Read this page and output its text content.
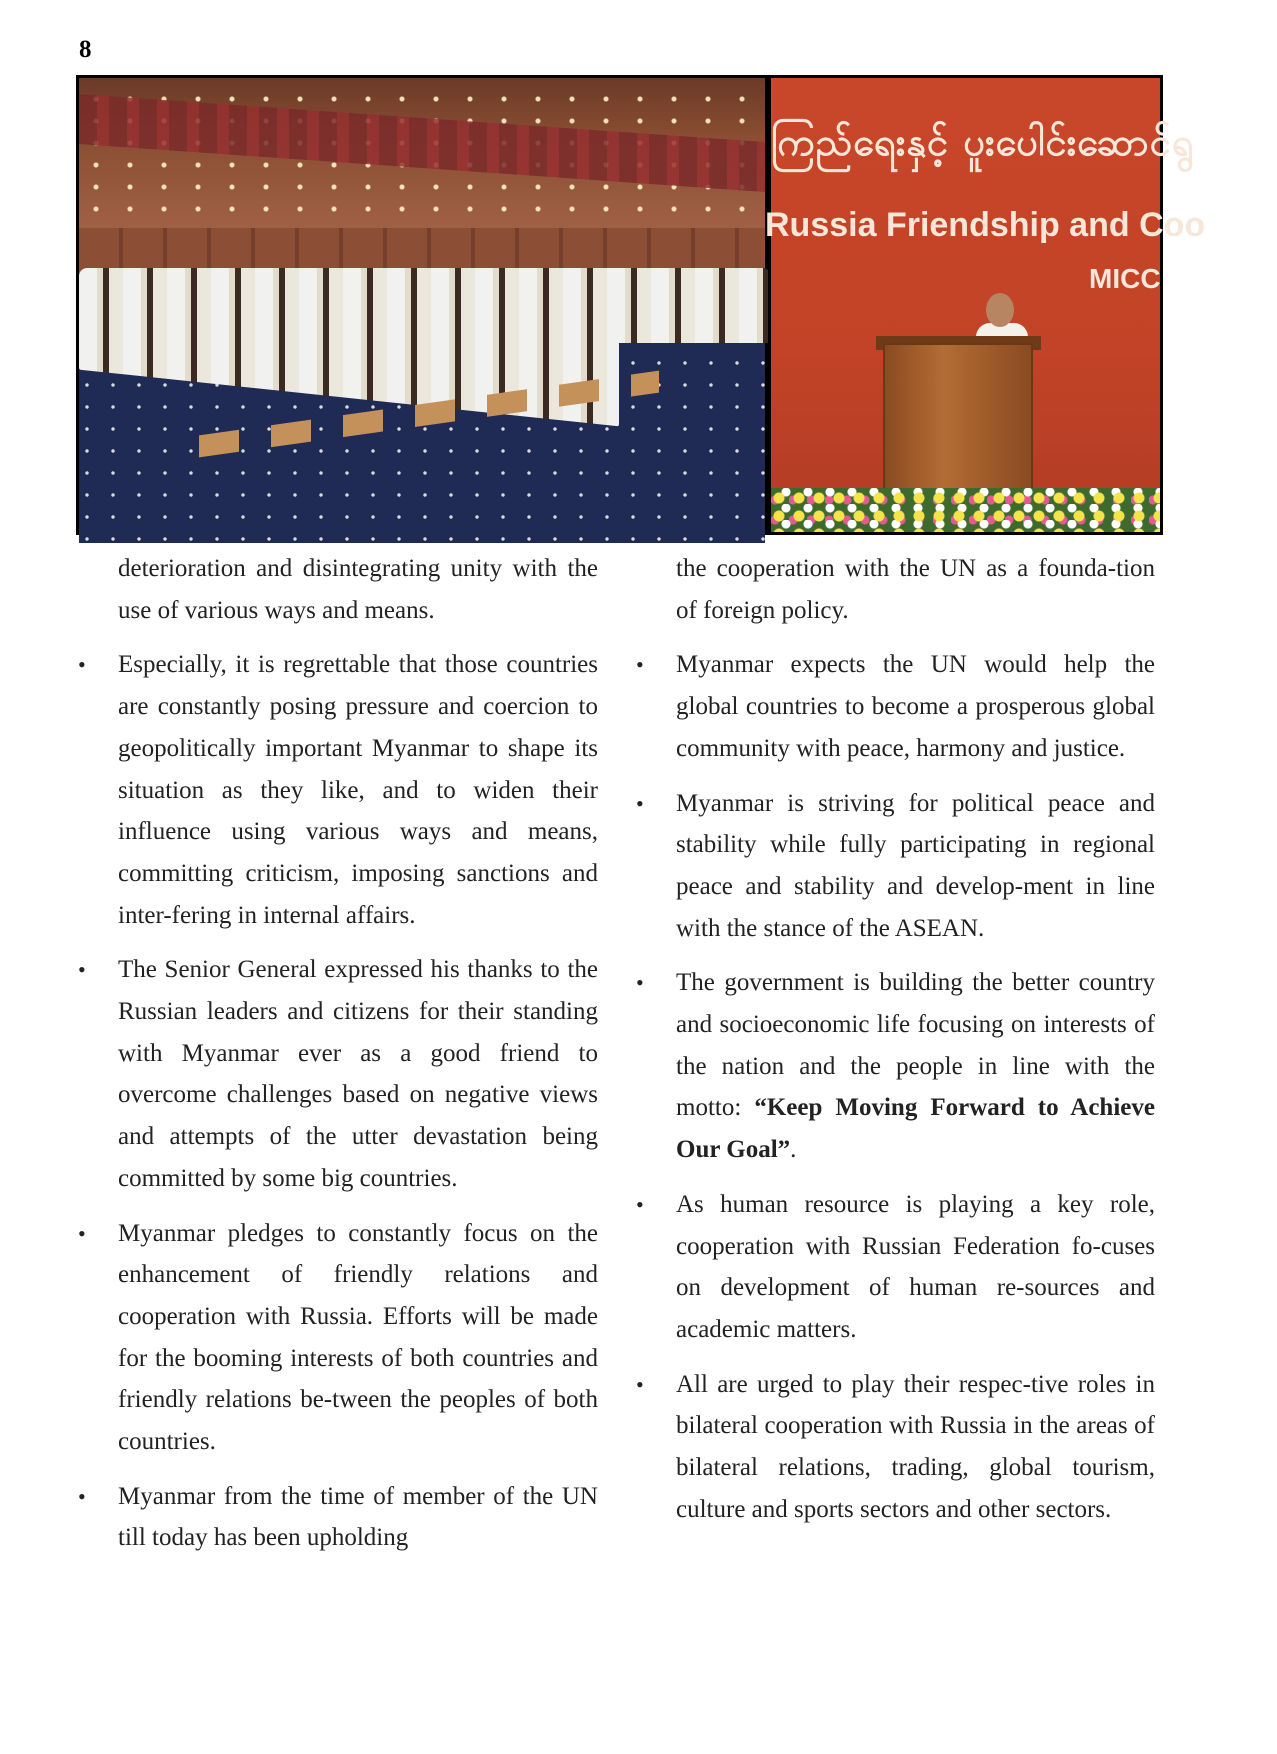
8
ကြည်ရေးနှင့် ပူးပေါင်းဆောင်ရွ
Russia Friendship and Coo
MICC

deterioration and disintegrating unity with the use of various ways and means.

• Especially, it is regrettable that those countries are constantly posing pressure and coercion to geopolitically important Myanmar to shape its situation as they like, and to widen their influence using various ways and means, committing criticism, imposing sanctions and inter-fering in internal affairs.

• The Senior General expressed his thanks to the Russian leaders and citizens for their standing with Myanmar ever as a good friend to overcome challenges based on negative views and attempts of the utter devastation being committed by some big countries.

• Myanmar pledges to constantly focus on the enhancement of friendly relations and cooperation with Russia. Efforts will be made for the booming interests of both countries and friendly relations be-tween the peoples of both countries.

• Myanmar from the time of member of the UN till today has been upholding

the cooperation with the UN as a founda-tion of foreign policy.

• Myanmar expects the UN would help the global countries to become a prosperous global community with peace, harmony and justice.

• Myanmar is striving for political peace and stability while fully participating in regional peace and stability and develop-ment in line with the stance of the ASEAN.

• The government is building the better country and socioeconomic life focusing on interests of the nation and the people in line with the motto: “Keep Moving Forward to Achieve Our Goal”.

• As human resource is playing a key role, cooperation with Russian Federation fo-cuses on development of human re-sources and academic matters.

• All are urged to play their respec-tive roles in bilateral cooperation with Russia in the areas of bilateral relations, trading, global tourism, culture and sports sectors and other sectors.
